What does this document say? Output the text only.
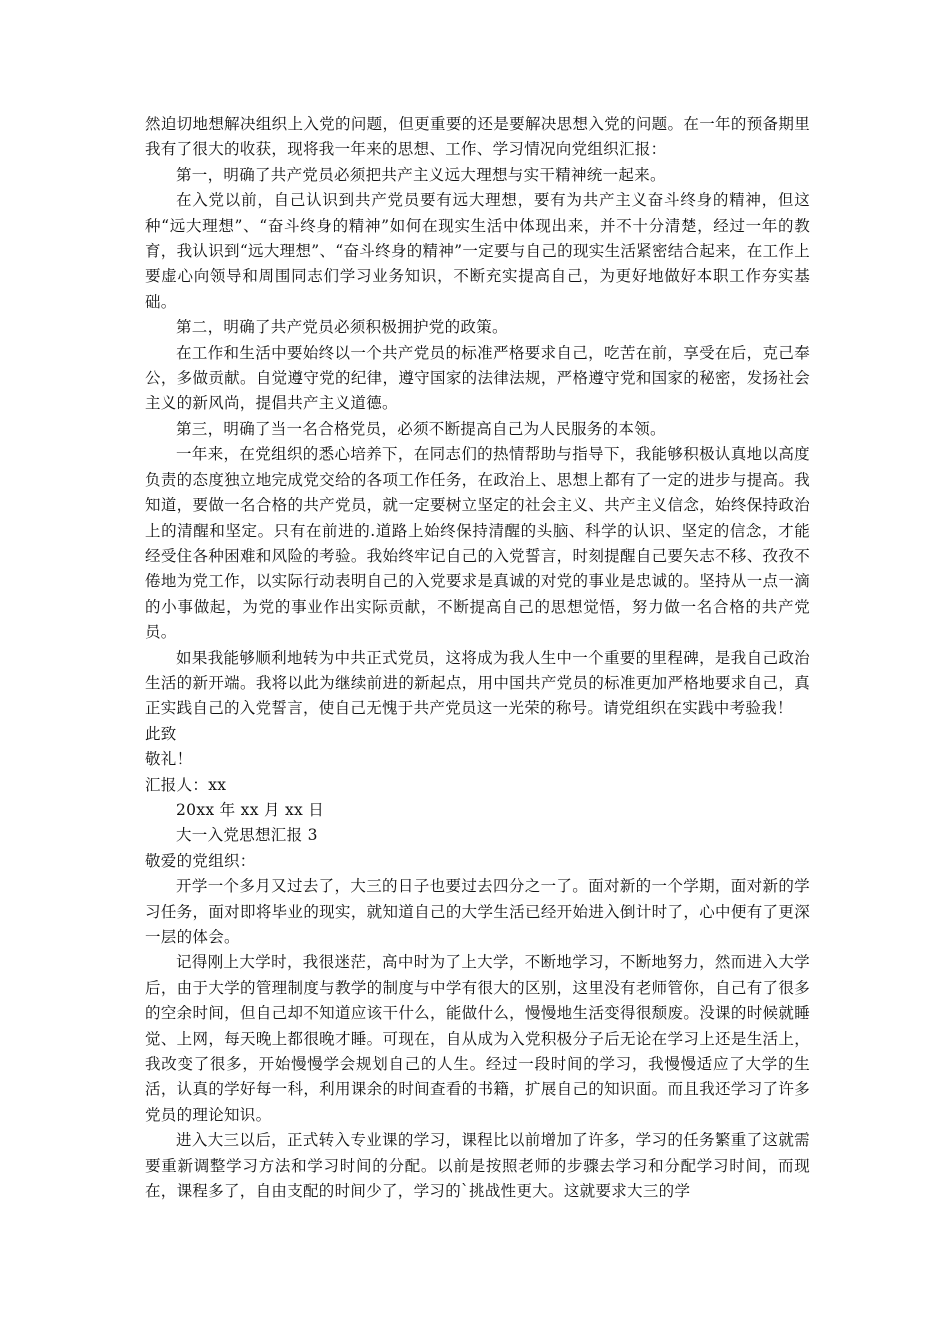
然迫切地想解决组织上入党的问题，但更重要的还是要解决思想入党的问题。在一年的预备期里我有了很大的收获，现将我一年来的思想、工作、学习情况向党组织汇报：

第一，明确了共产党员必须把共产主义远大理想与实干精神统一起来。

在入党以前，自己认识到共产党员要有远大理想，要有为共产主义奋斗终身的精神，但这种“远大理想”、“奋斗终身的精神”如何在现实生活中体现出来，并不十分清楚，经过一年的教育，我认识到“远大理想”、“奋斗终身的精神”一定要与自己的现实生活紧密结合起来，在工作上要虚心向领导和周围同志们学习业务知识，不断充实提高自己，为更好地做好本职工作夯实基础。

第二，明确了共产党员必须积极拥护党的政策。

在工作和生活中要始终以一个共产党员的标准严格要求自己，吃苦在前，享受在后，克己奉公，多做贡献。自觉遵守党的纪律，遵守国家的法律法规，严格遵守党和国家的秘密，发扬社会主义的新风尚，提倡共产主义道德。

第三，明确了当一名合格党员，必须不断提高自己为人民服务的本领。

一年来，在党组织的悉心培养下，在同志们的热情帮助与指导下，我能够积极认真地以高度负责的态度独立地完成党交给的各项工作任务，在政治上、思想上都有了一定的进步与提高。我知道，要做一名合格的共产党员，就一定要树立坚定的社会主义、共产主义信念，始终保持政治上的清醒和坚定。只有在前进的.道路上始终保持清醒的头脑、科学的认识、坚定的信念，才能经受住各种困难和风险的考验。我始终牢记自己的入党誓言，时刻提醒自己要矢志不移、孜孜不倦地为党工作，以实际行动表明自己的入党要求是真诚的对党的事业是忠诚的。坚持从一点一滴的小事做起，为党的事业作出实际贡献，不断提高自己的思想觉悟，努力做一名合格的共产党员。

如果我能够顺利地转为中共正式党员，这将成为我人生中一个重要的里程碑，是我自己政治生活的新开端。我将以此为继续前进的新起点，用中国共产党员的标准更加严格地要求自己，真正实践自己的入党誓言，使自己无愧于共产党员这一光荣的称号。请党组织在实践中考验我！

此致

敬礼！

汇报人：xx

20xx 年 xx 月 xx 日

大一入党思想汇报 3

敬爱的党组织：

开学一个多月又过去了，大三的日子也要过去四分之一了。面对新的一个学期，面对新的学习任务，面对即将毕业的现实，就知道自己的大学生活已经开始进入倒计时了，心中便有了更深一层的体会。

记得刚上大学时，我很迷茫，高中时为了上大学，不断地学习，不断地努力，然而进入大学后，由于大学的管理制度与教学的制度与中学有很大的区别，这里没有老师管你，自己有了很多的空余时间，但自己却不知道应该干什么，能做什么，慢慢地生活变得很颓废。没课的时候就睡觉、上网，每天晚上都很晚才睡。可现在，自从成为入党积极分子后无论在学习上还是生活上，我改变了很多，开始慢慢学会规划自己的人生。经过一段时间的学习，我慢慢适应了大学的生活，认真的学好每一科，利用课余的时间查看的书籍，扩展自己的知识面。而且我还学习了许多党员的理论知识。

进入大三以后，正式转入专业课的学习，课程比以前增加了许多，学习的任务繁重了这就需要重新调整学习方法和学习时间的分配。以前是按照老师的步骤去学习和分配学习时间，而现在，课程多了，自由支配的时间少了，学习的`挑战性更大。这就要求大三的学
